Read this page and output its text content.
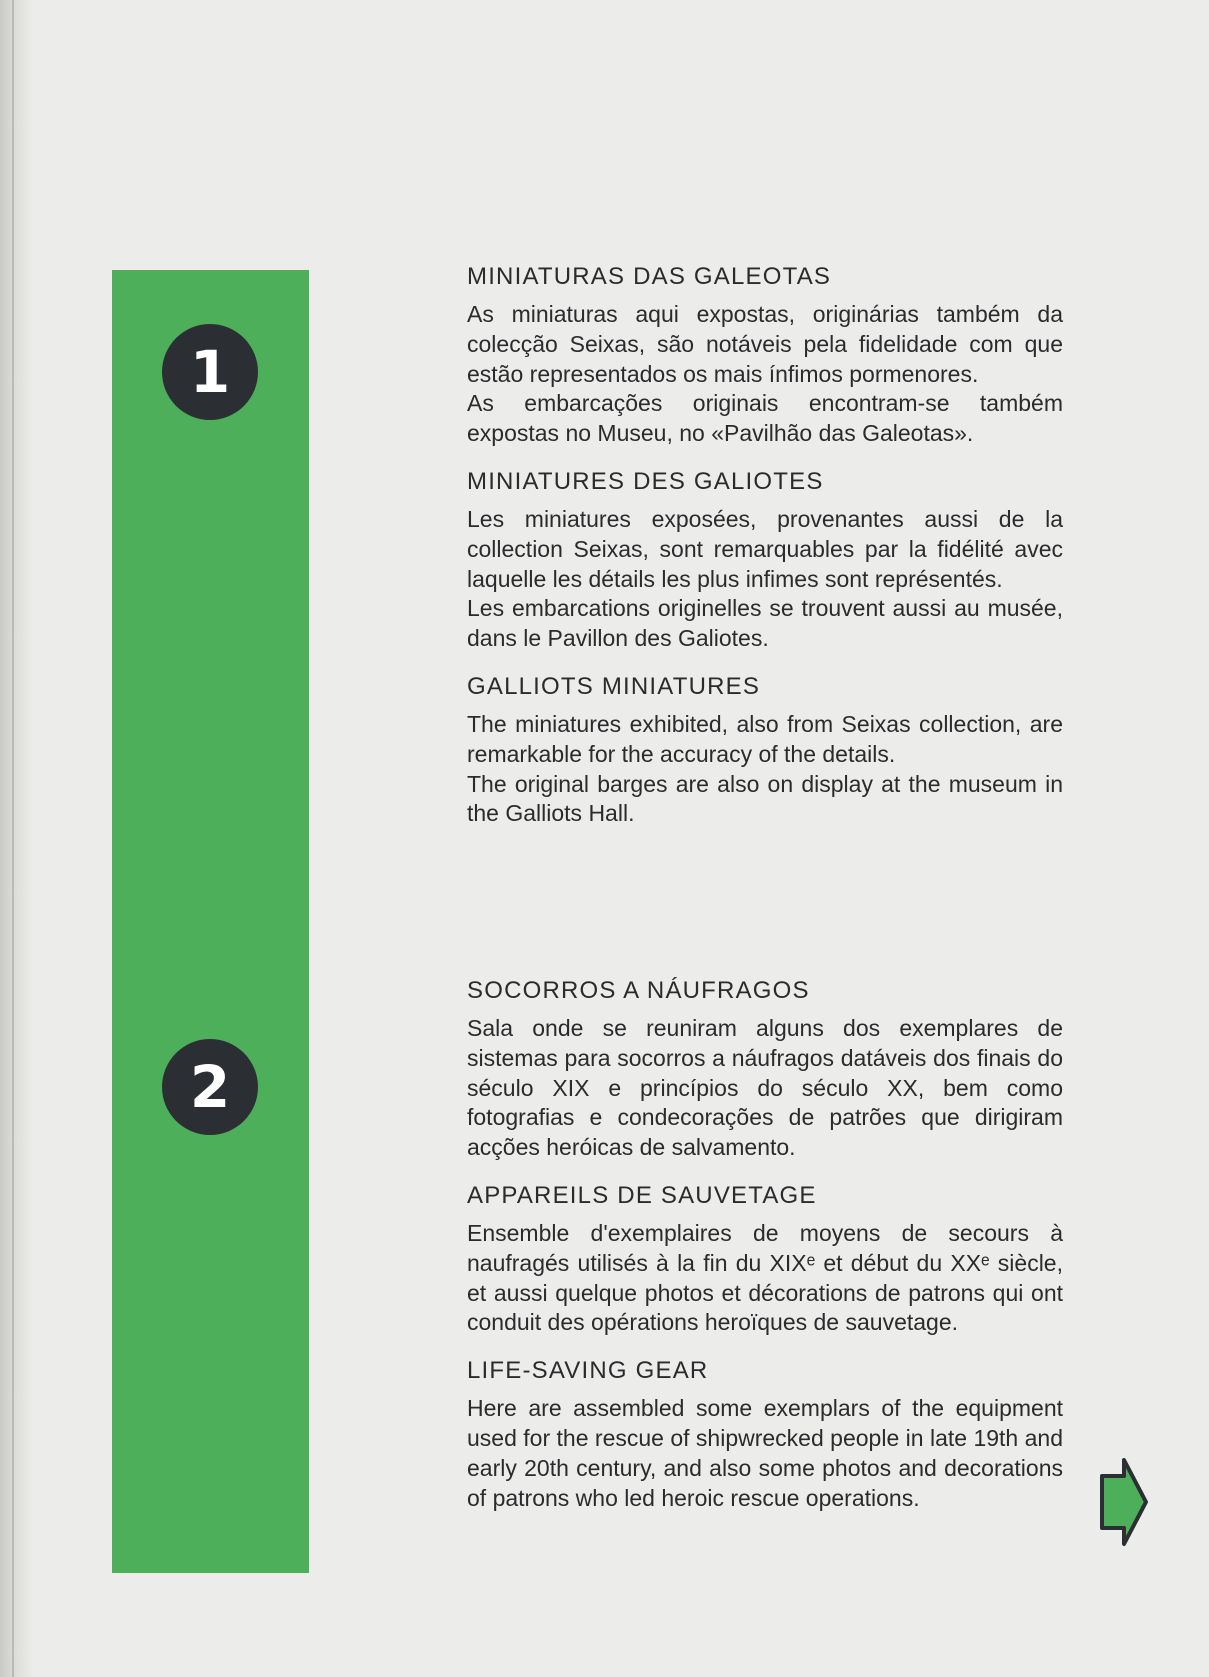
1
2
MINIATURAS DAS GALEOTAS

As miniaturas aqui expostas, originárias também da colecção Seixas, são notáveis pela fidelidade com que estão representados os mais ínfimos pormenores.

As embarcações originais encontram-se também expostas no Museu, no «Pavilhão das Galeotas».

MINIATURES DES GALIOTES

Les miniatures exposées, provenantes aussi de la collection Seixas, sont remarquables par la fidélité avec laquelle les détails les plus infimes sont représentés.

Les embarcations originelles se trouvent aussi au musée, dans le Pavillon des Galiotes.

GALLIOTS MINIATURES

The miniatures exhibited, also from Seixas collection, are remarkable for the accuracy of the details.

The original barges are also on display at the museum in the Galliots Hall.

SOCORROS A NÁUFRAGOS

Sala onde se reuniram alguns dos exemplares de sistemas para socorros a náufragos datáveis dos finais do século XIX e princípios do século XX, bem como fotografias e condecorações de patrões que dirigiram acções heróicas de salvamento.

APPAREILS DE SAUVETAGE

Ensemble d'exemplaires de moyens de secours à naufragés utilisés à la fin du XIXᵉ et début du XXᵉ siècle, et aussi quelque photos et décorations de patrons qui ont conduit des opérations heroïques de sauvetage.

LIFE-SAVING GEAR

Here are assembled some exemplars of the equipment used for the rescue of shipwrecked people in late 19th and early 20th century, and also some photos and decorations of patrons who led heroic rescue operations.
